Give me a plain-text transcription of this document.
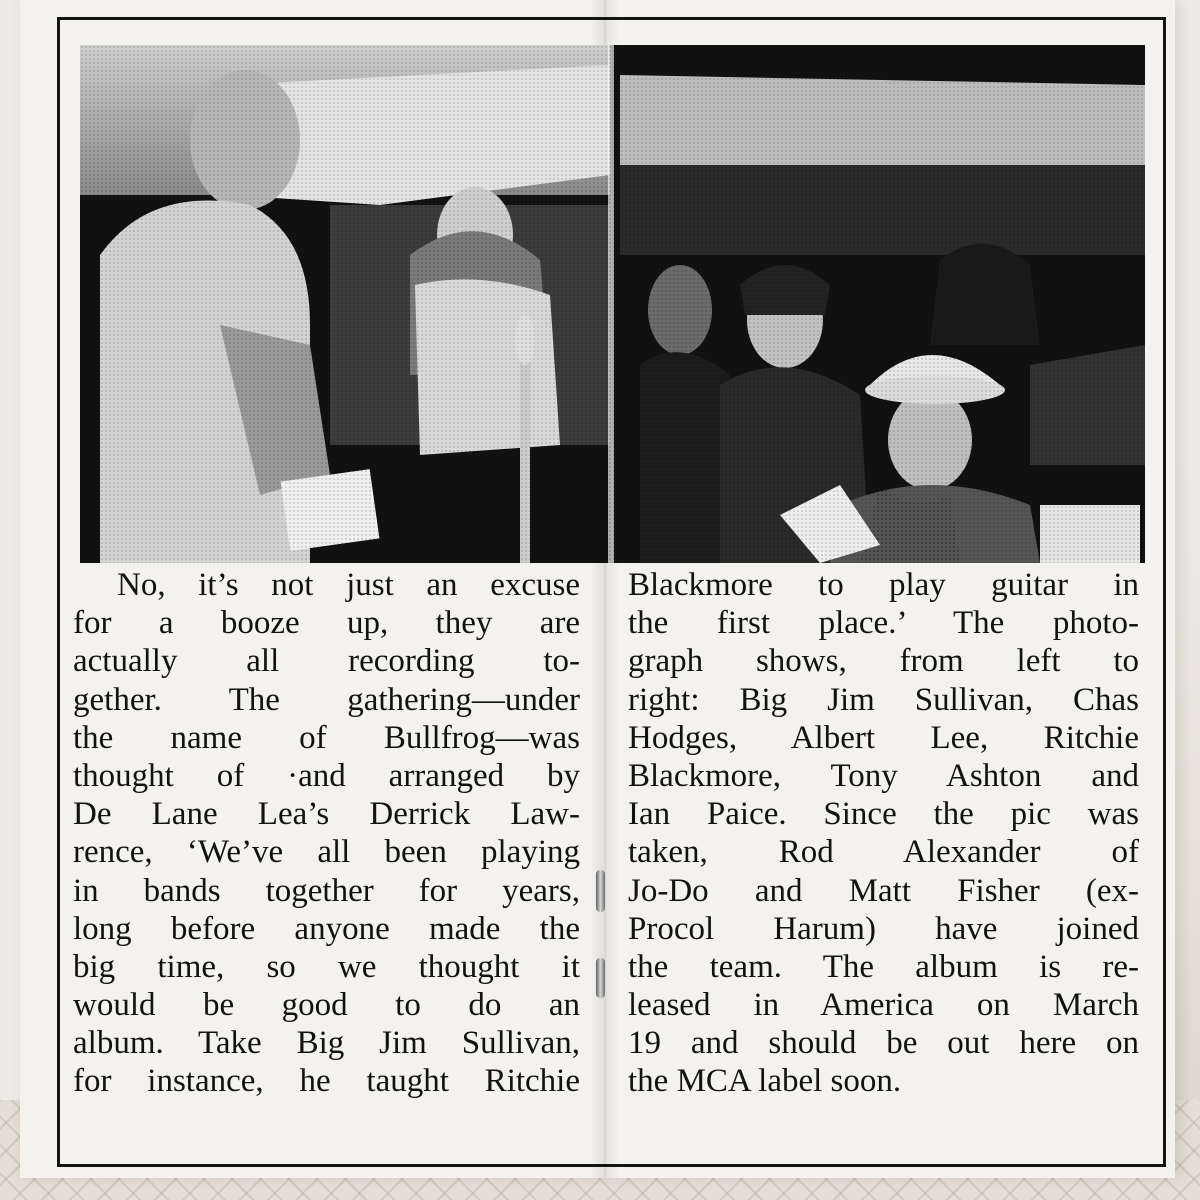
No, it’s not just an excuse
for a booze up, they are
actually all recording to-
gether. The gathering—under
the name of Bullfrog—was
thought of ·and arranged by
De Lane Lea’s Derrick Law-
rence, ‘We’ve all been playing
in bands together for years,
long before anyone made the
big time, so we thought it
would be good to do an
album. Take Big Jim Sullivan,
for instance, he taught Ritchie
Blackmore to play guitar in
the first place.’ The photo-
graph shows, from left to
right: Big Jim Sullivan, Chas
Hodges, Albert Lee, Ritchie
Blackmore, Tony Ashton and
Ian Paice. Since the pic was
taken, Rod Alexander of
Jo-Do and Matt Fisher (ex-
Procol Harum) have joined
the team. The album is re-
leased in America on March
19 and should be out here on
the MCA label soon.
